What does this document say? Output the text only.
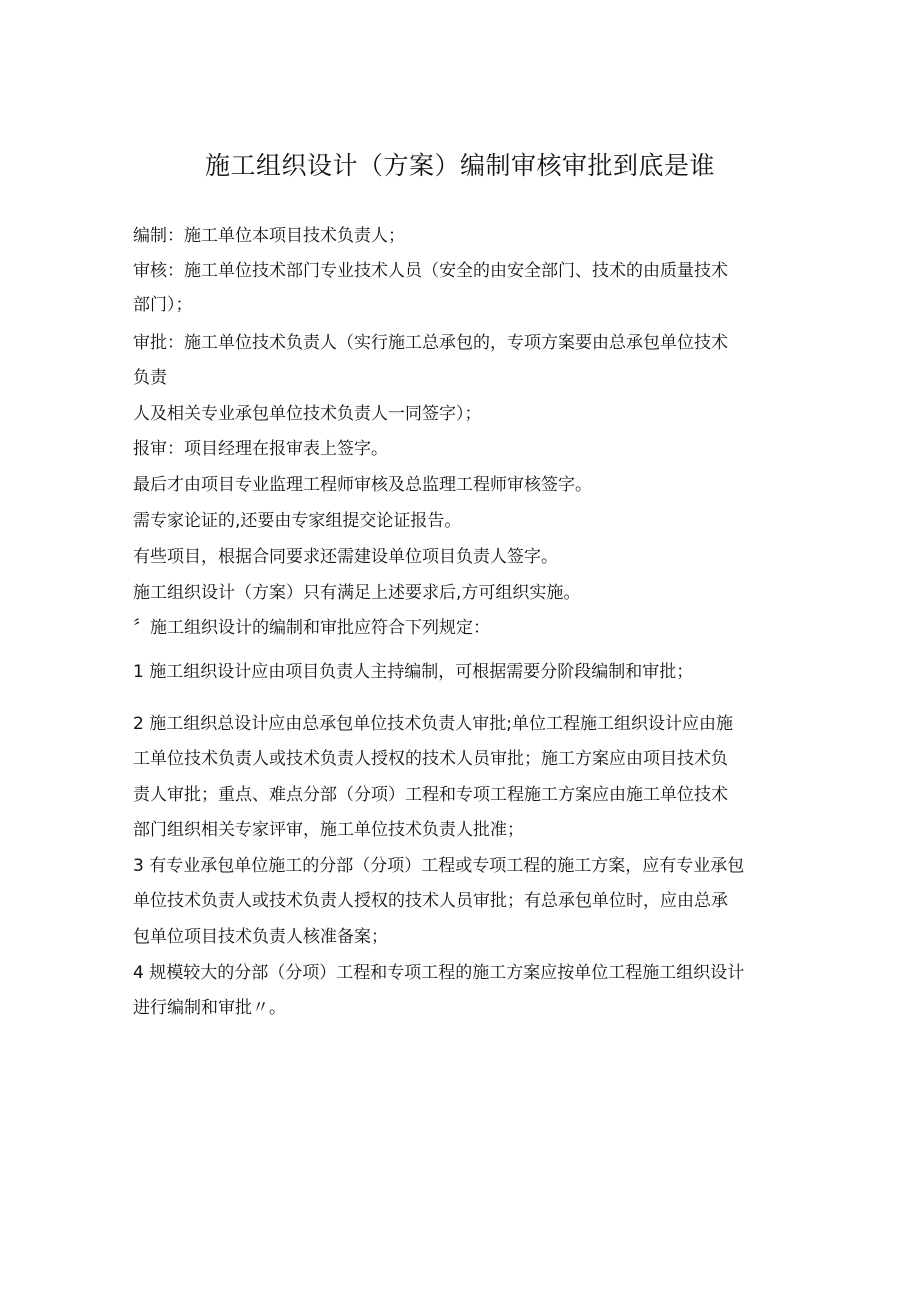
施工组织设计（方案）编制审核审批到底是谁
编制：施工单位本项目技术负责人；
审核：施工单位技术部门专业技术人员（安全的由安全部门、技术的由质量技术
部门）；
审批：施工单位技术负责人（实行施工总承包的，专项方案要由总承包单位技术
负责
人及相关专业承包单位技术负责人一同签字）；
报审：项目经理在报审表上签字。
最后才由项目专业监理工程师审核及总监理工程师审核签字。
需专家论证的,还要由专家组提交论证报告。
有些项目，根据合同要求还需建设单位项目负责人签字。
施工组织设计（方案）只有满足上述要求后,方可组织实施。
〞施工组织设计的编制和审批应符合下列规定：
1 施工组织设计应由项目负责人主持编制，可根据需要分阶段编制和审批；
2 施工组织总设计应由总承包单位技术负责人审批;单位工程施工组织设计应由施
工单位技术负责人或技术负责人授权的技术人员审批；施工方案应由项目技术负
责人审批；重点、难点分部（分项）工程和专项工程施工方案应由施工单位技术
部门组织相关专家评审，施工单位技术负责人批准；
3 有专业承包单位施工的分部（分项）工程或专项工程的施工方案，应有专业承包
单位技术负责人或技术负责人授权的技术人员审批；有总承包单位时，应由总承
包单位项目技术负责人核准备案；
4 规模较大的分部（分项）工程和专项工程的施工方案应按单位工程施工组织设计
进行编制和审批〃。
